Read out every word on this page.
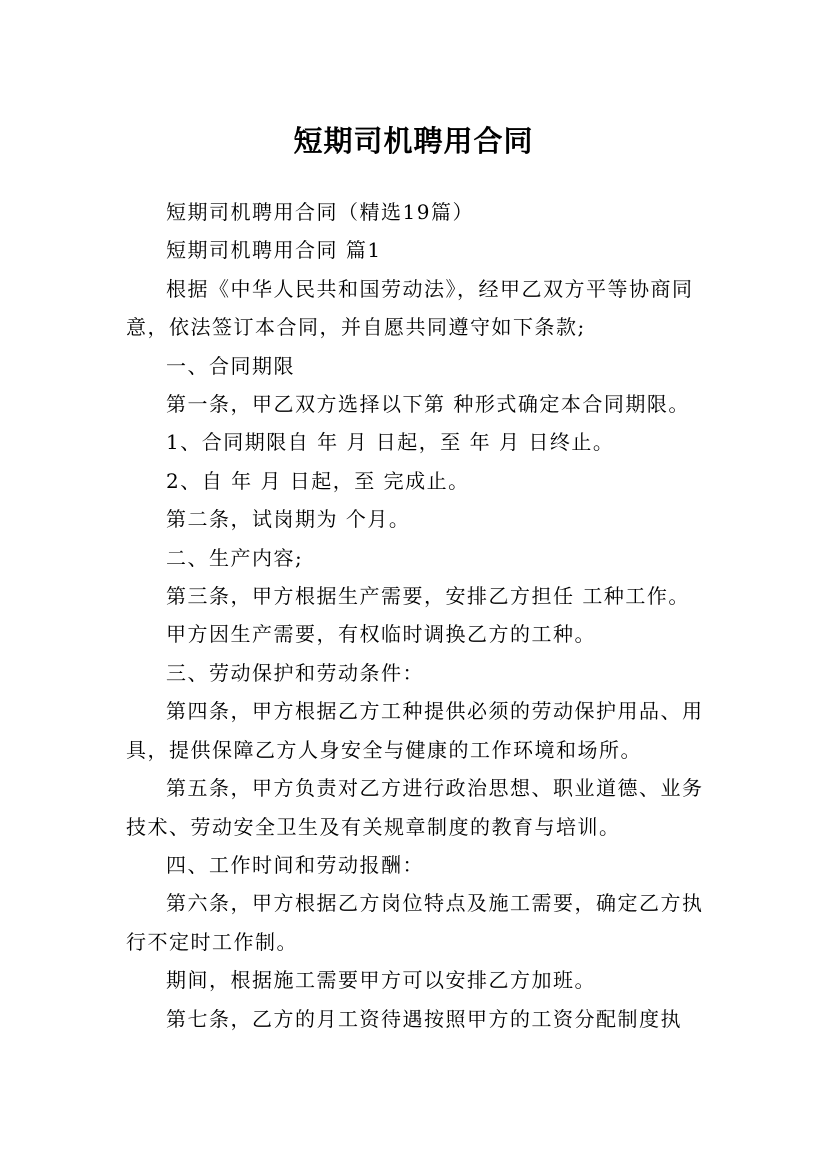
短期司机聘用合同

短期司机聘用合同（精选19篇）

短期司机聘用合同 篇1

根据《中华人民共和国劳动法》，经甲乙双方平等协商同意，依法签订本合同，并自愿共同遵守如下条款;

一、合同期限

第一条，甲乙双方选择以下第 种形式确定本合同期限。

1、合同期限自 年 月 日起，至 年 月 日终止。

2、自 年 月 日起，至 完成止。

第二条，试岗期为 个月。

二、生产内容;

第三条，甲方根据生产需要，安排乙方担任 工种工作。

甲方因生产需要，有权临时调换乙方的工种。

三、劳动保护和劳动条件：

第四条，甲方根据乙方工种提供必须的劳动保护用品、用具，提供保障乙方人身安全与健康的工作环境和场所。

第五条，甲方负责对乙方进行政治思想、职业道德、业务技术、劳动安全卫生及有关规章制度的教育与培训。

四、工作时间和劳动报酬：

第六条，甲方根据乙方岗位特点及施工需要，确定乙方执行不定时工作制。

期间，根据施工需要甲方可以安排乙方加班。

第七条，乙方的月工资待遇按照甲方的工资分配制度执
